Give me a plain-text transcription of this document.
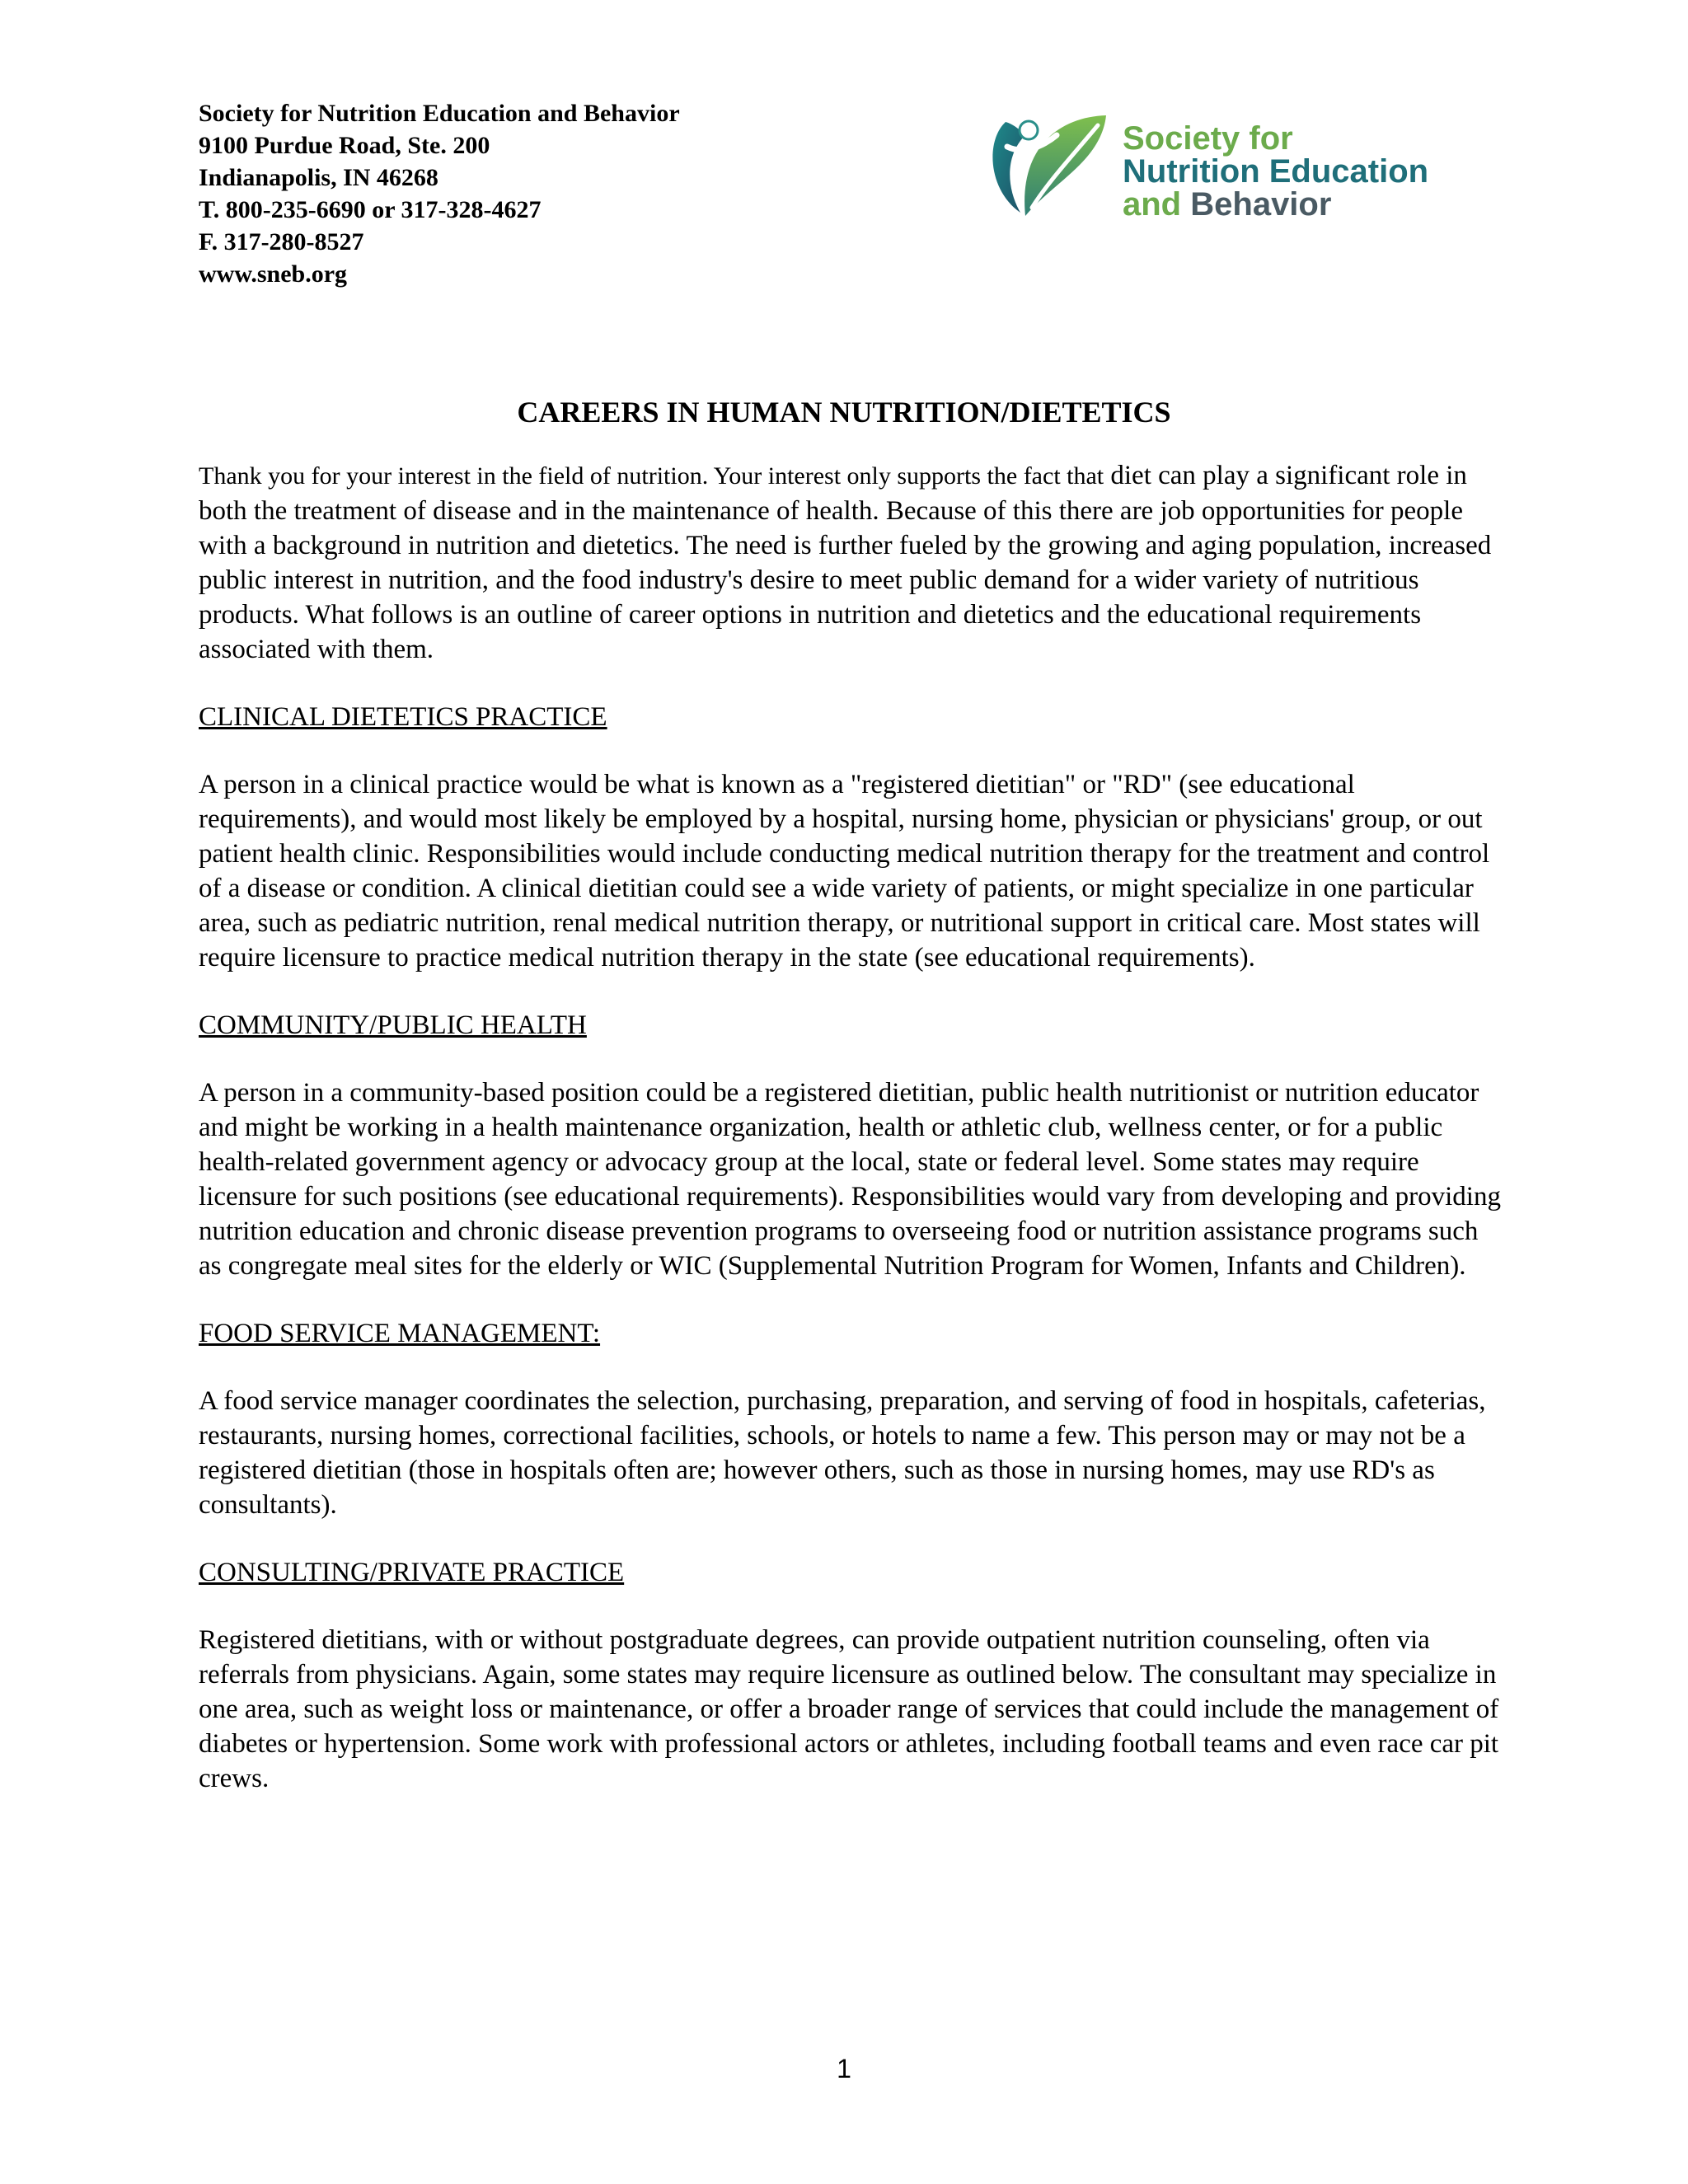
Society for Nutrition Education and Behavior
9100 Purdue Road, Ste. 200
Indianapolis, IN 46268
T. 800-235-6690 or 317-328-4627
F. 317-280-8527
www.sneb.org
Society for
Nutrition Education
and Behavior
CAREERS IN HUMAN NUTRITION/DIETETICS

Thank you for your interest in the field of nutrition. Your interest only supports the fact that diet can play a significant role in both the treatment of disease and in the maintenance of health. Because of this there are job opportunities for people with a background in nutrition and dietetics. The need is further fueled by the growing and aging population, increased public interest in nutrition, and the food industry's desire to meet public demand for a wider variety of nutritious products. What follows is an outline of career options in nutrition and dietetics and the educational requirements associated with them.

CLINICAL DIETETICS PRACTICE

A person in a clinical practice would be what is known as a "registered dietitian" or "RD" (see educational requirements), and would most likely be employed by a hospital, nursing home, physician or physicians' group, or out patient health clinic. Responsibilities would include conducting medical nutrition therapy for the treatment and control of a disease or condition. A clinical dietitian could see a wide variety of patients, or might specialize in one particular area, such as pediatric nutrition, renal medical nutrition therapy, or nutritional support in critical care. Most states will require licensure to practice medical nutrition therapy in the state (see educational requirements).

COMMUNITY/PUBLIC HEALTH

A person in a community-based position could be a registered dietitian, public health nutritionist or nutrition educator and might be working in a health maintenance organization, health or athletic club, wellness center, or for a public health-related government agency or advocacy group at the local, state or federal level. Some states may require licensure for such positions (see educational requirements). Responsibilities would vary from developing and providing nutrition education and chronic disease prevention programs to overseeing food or nutrition assistance programs such as congregate meal sites for the elderly or WIC (Supplemental Nutrition Program for Women, Infants and Children).

FOOD SERVICE MANAGEMENT:

A food service manager coordinates the selection, purchasing, preparation, and serving of food in hospitals, cafeterias, restaurants, nursing homes, correctional facilities, schools, or hotels to name a few. This person may or may not be a registered dietitian (those in hospitals often are; however others, such as those in nursing homes, may use RD's as consultants).

CONSULTING/PRIVATE PRACTICE

Registered dietitians, with or without postgraduate degrees, can provide outpatient nutrition counseling, often via referrals from physicians. Again, some states may require licensure as outlined below. The consultant may specialize in one area, such as weight loss or maintenance, or offer a broader range of services that could include the management of diabetes or hypertension. Some work with professional actors or athletes, including football teams and even race car pit crews.

1
